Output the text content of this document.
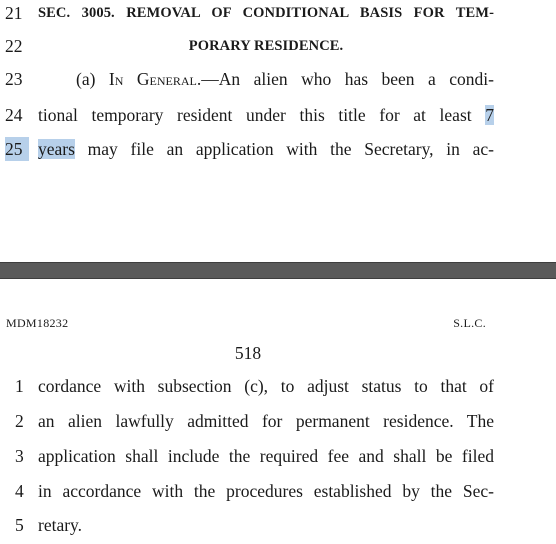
21	SEC. 3005. REMOVAL OF CONDITIONAL BASIS FOR TEM-
22	PORARY RESIDENCE.
23	(a) In General.—An alien who has been a condi-
24 tional temporary resident under this title for at least 7
25 years may file an application with the Secretary, in ac-
MDM18232	S.L.C.
518
1 cordance with subsection (c), to adjust status to that of
2 an alien lawfully admitted for permanent residence. The
3 application shall include the required fee and shall be filed
4 in accordance with the procedures established by the Sec-
5 retary.
